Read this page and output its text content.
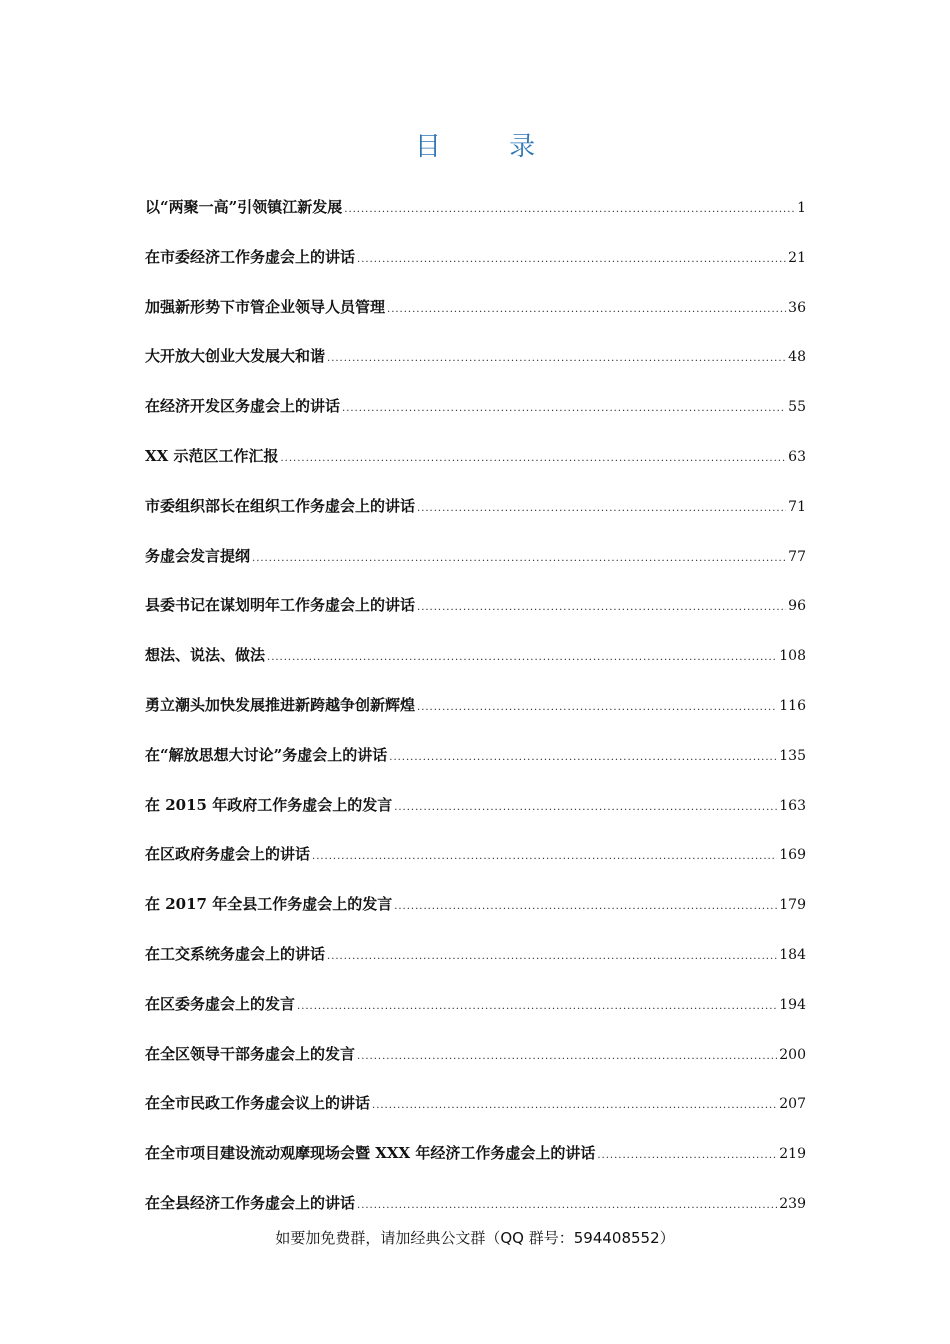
目 录
以“两聚一高”引领镇江新发展 .....	1
在市委经济工作务虚会上的讲话 .....	21
加强新形势下市管企业领导人员管理 .....	36
大开放大创业大发展大和谐 .....	48
在经济开发区务虚会上的讲话 .....	55
XX 示范区工作汇报 .....	63
市委组织部长在组织工作务虚会上的讲话 .....	71
务虚会发言提纲 .....	77
县委书记在谋划明年工作务虚会上的讲话 .....	96
想法、说法、做法 .....	108
勇立潮头加快发展推进新跨越争创新辉煌 .....	116
在“解放思想大讨论”务虚会上的讲话 .....	135
在 2015 年政府工作务虚会上的发言 .....	163
在区政府务虚会上的讲话 .....	169
在 2017 年全县工作务虚会上的发言 .....	179
在工交系统务虚会上的讲话 .....	184
在区委务虚会上的发言 .....	194
在全区领导干部务虚会上的发言 .....	200
在全市民政工作务虚会议上的讲话 .....	207
在全市项目建设流动观摩现场会暨 XXX 年经济工作务虚会上的讲话 .....	219
在全县经济工作务虚会上的讲话 .....	239
如要加免费群，请加经典公文群（QQ 群号：594408552）
